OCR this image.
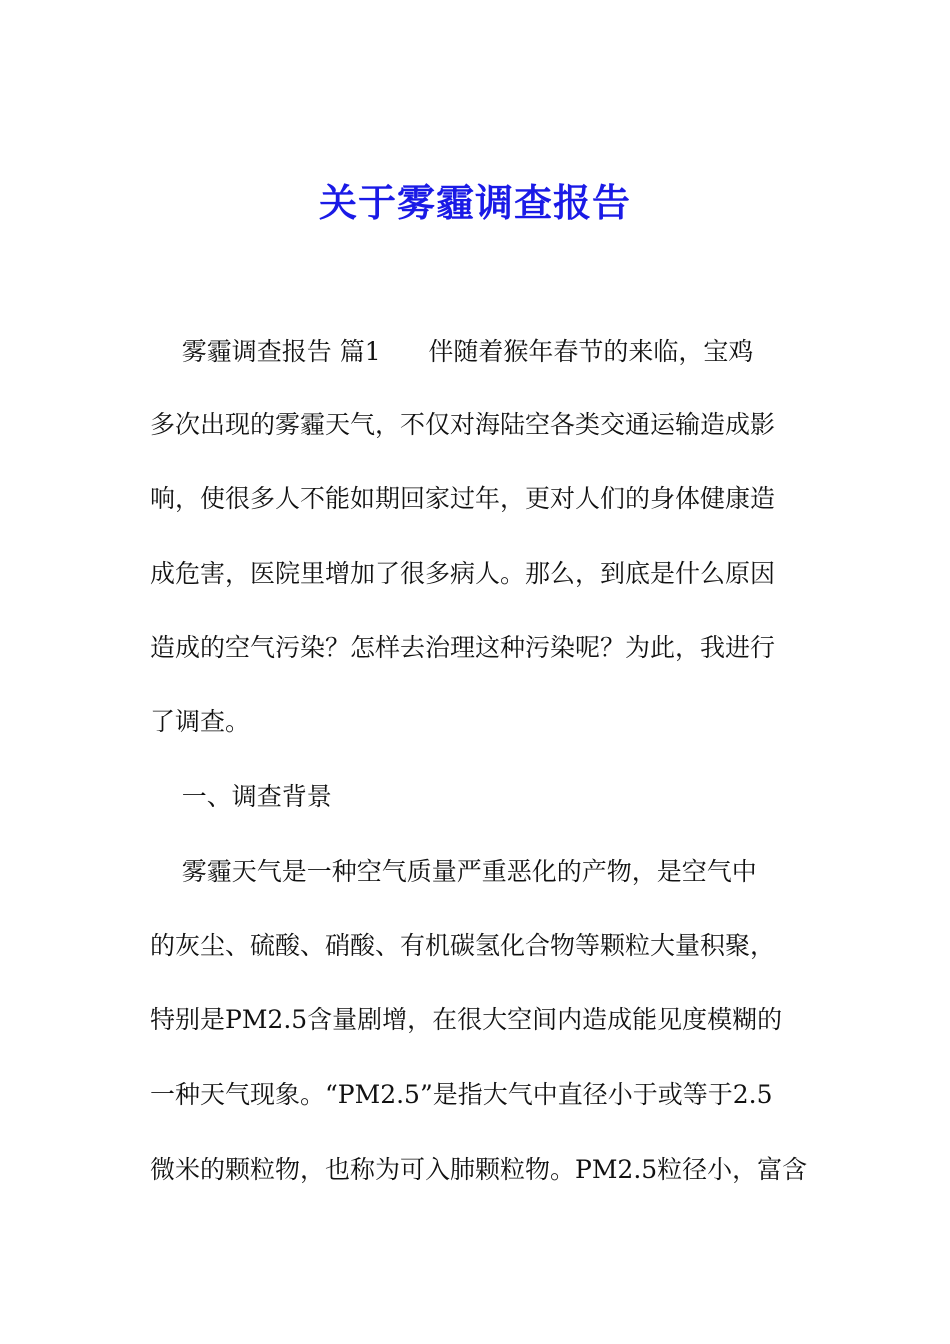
关于雾霾调查报告
雾霾调查报告 篇1      伴随着猴年春节的来临，宝鸡
多次出现的雾霾天气，不仅对海陆空各类交通运输造成影
响，使很多人不能如期回家过年，更对人们的身体健康造
成危害，医院里增加了很多病人。那么，到底是什么原因
造成的空气污染？怎样去治理这种污染呢？为此，我进行
了调查。
一、调查背景
雾霾天气是一种空气质量严重恶化的产物，是空气中
的灰尘、硫酸、硝酸、有机碳氢化合物等颗粒大量积聚，
特别是PM2.5含量剧增，在很大空间内造成能见度模糊的
一种天气现象。“PM2.5”是指大气中直径小于或等于2.5
微米的颗粒物，也称为可入肺颗粒物。PM2.5粒径小，富含
